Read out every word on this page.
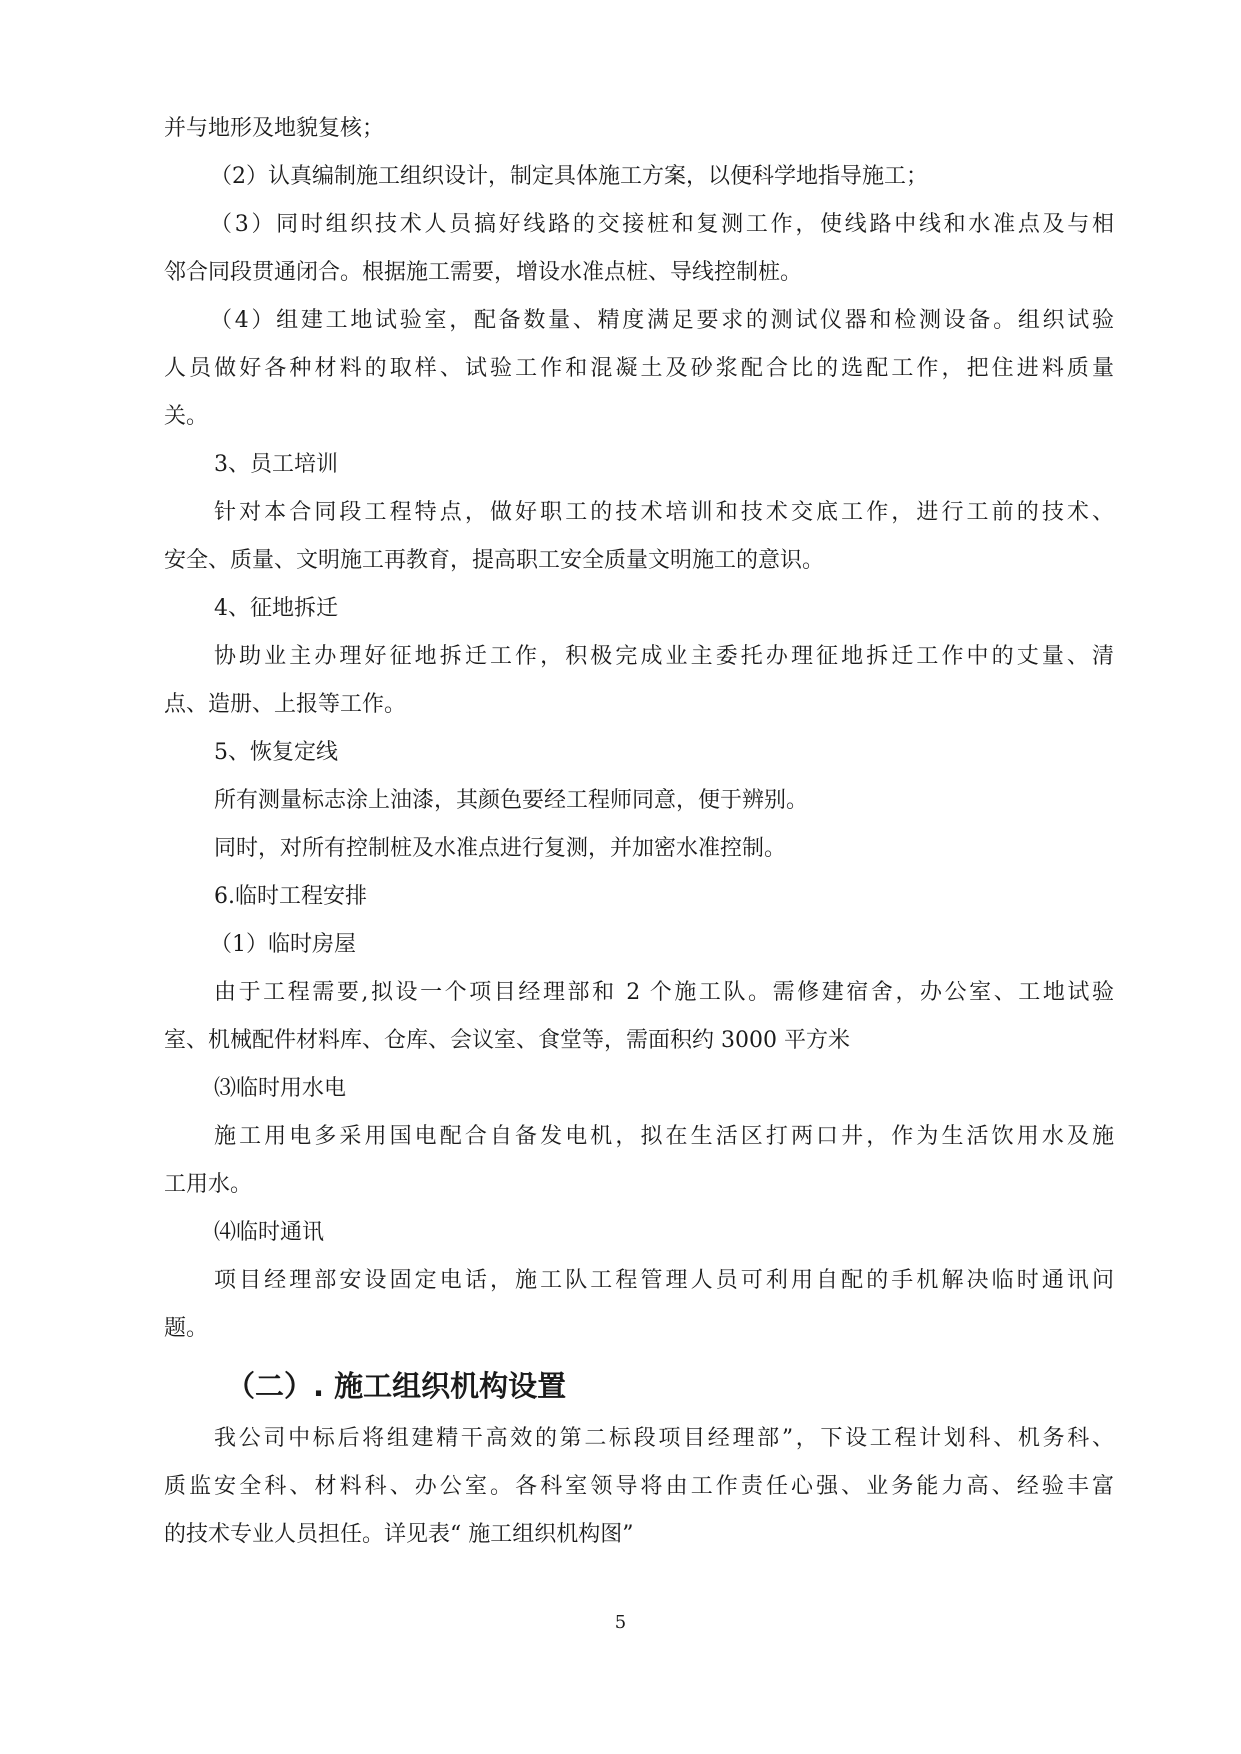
并与地形及地貌复核；
（2）认真编制施工组织设计，制定具体施工方案，以便科学地指导施工；
（3）同时组织技术人员搞好线路的交接桩和复测工作，使线路中线和水准点及与相
邻合同段贯通闭合。根据施工需要，增设水准点桩、导线控制桩。
（4）组建工地试验室，配备数量、精度满足要求的测试仪器和检测设备。组织试验
人员做好各种材料的取样、试验工作和混凝土及砂浆配合比的选配工作，把住进料质量
关。
3、员工培训
针对本合同段工程特点，做好职工的技术培训和技术交底工作，进行工前的技术、
安全、质量、文明施工再教育，提高职工安全质量文明施工的意识。
4、征地拆迁
协助业主办理好征地拆迁工作，积极完成业主委托办理征地拆迁工作中的丈量、清
点、造册、上报等工作。
5、恢复定线
所有测量标志涂上油漆，其颜色要经工程师同意，便于辨别。
同时，对所有控制桩及水准点进行复测，并加密水准控制。
6.临时工程安排
（1）临时房屋
由于工程需要,拟设一个项目经理部和 2 个施工队。需修建宿舍，办公室、工地试验
室、机械配件材料库、仓库、会议室、食堂等，需面积约 3000 平方米
⑶临时用水电
施工用电多采用国电配合自备发电机，拟在生活区打两口井，作为生活饮用水及施
工用水。
⑷临时通讯
项目经理部安设固定电话，施工队工程管理人员可利用自配的手机解决临时通讯问
题。
（二）. 施工组织机构设置
我公司中标后将组建精干高效的第二标段项目经理部”，下设工程计划科、机务科、
质监安全科、材料科、办公室。各科室领导将由工作责任心强、业务能力高、经验丰富
的技术专业人员担任。详见表“ 施工组织机构图”
5
